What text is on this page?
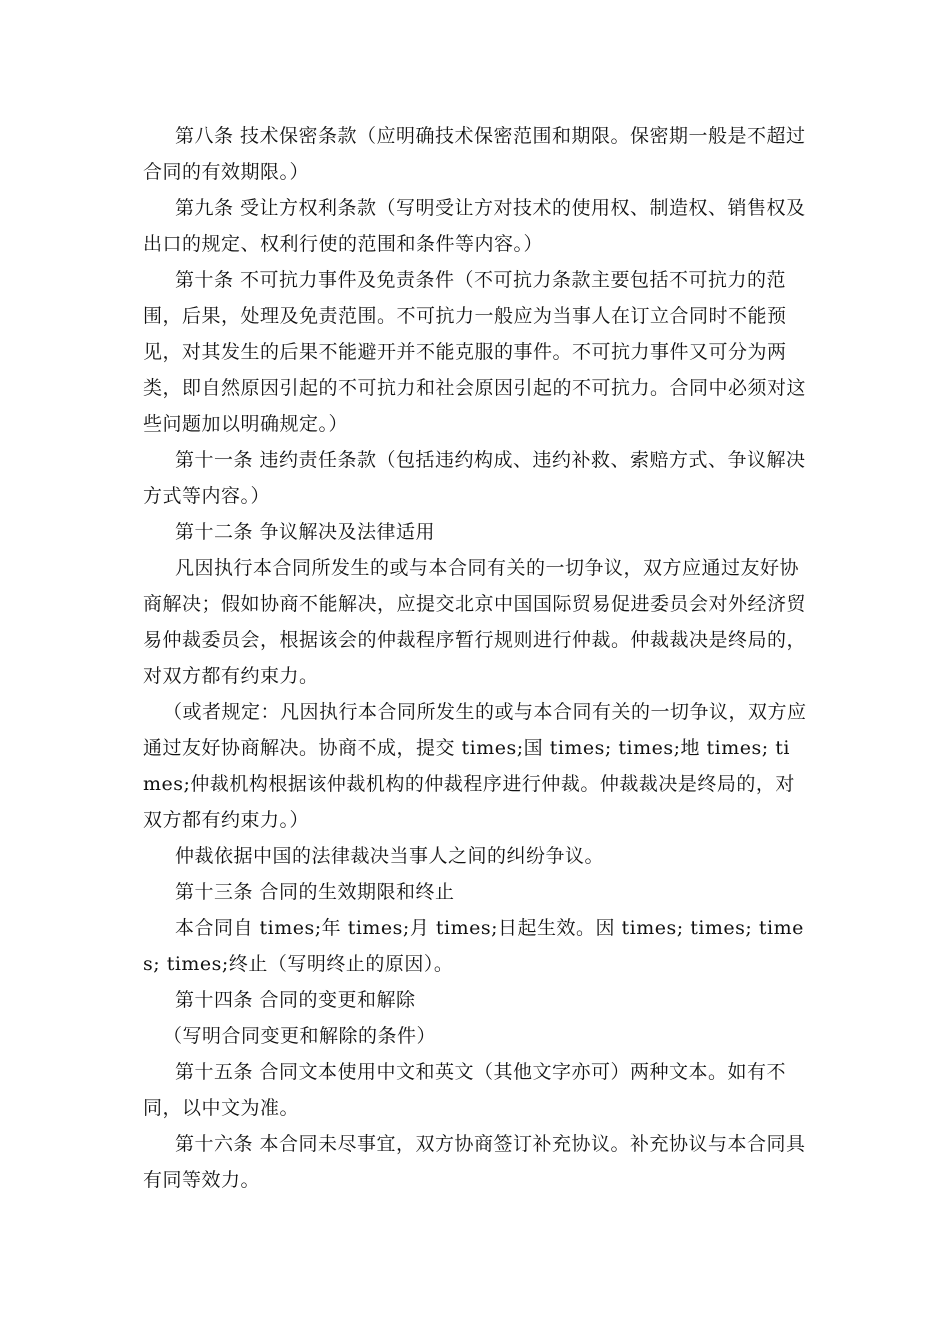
第八条 技术保密条款（应明确技术保密范围和期限。保密期一般是不超过合同的有效期限。）

第九条 受让方权利条款（写明受让方对技术的使用权、制造权、销售权及出口的规定、权利行使的范围和条件等内容。）

第十条 不可抗力事件及免责条件（不可抗力条款主要包括不可抗力的范围，后果，处理及免责范围。不可抗力一般应为当事人在订立合同时不能预见，对其发生的后果不能避开并不能克服的事件。不可抗力事件又可分为两类，即自然原因引起的不可抗力和社会原因引起的不可抗力。合同中必须对这些问题加以明确规定。）

第十一条 违约责任条款（包括违约构成、违约补救、索赔方式、争议解决方式等内容。）

第十二条 争议解决及法律适用

凡因执行本合同所发生的或与本合同有关的一切争议，双方应通过友好协商解决；假如协商不能解决，应提交北京中国国际贸易促进委员会对外经济贸易仲裁委员会，根据该会的仲裁程序暂行规则进行仲裁。仲裁裁决是终局的，对双方都有约束力。

（或者规定：凡因执行本合同所发生的或与本合同有关的一切争议，双方应通过友好协商解决。协商不成，提交 times;国 times; times;地 times; times;仲裁机构根据该仲裁机构的仲裁程序进行仲裁。仲裁裁决是终局的，对双方都有约束力。）

仲裁依据中国的法律裁决当事人之间的纠纷争议。

第十三条 合同的生效期限和终止

本合同自 times;年 times;月 times;日起生效。因 times; times; times; times;终止（写明终止的原因）。

第十四条 合同的变更和解除

（写明合同变更和解除的条件）

第十五条 合同文本使用中文和英文（其他文字亦可）两种文本。如有不同，以中文为准。

第十六条 本合同未尽事宜，双方协商签订补充协议。补充协议与本合同具有同等效力。
